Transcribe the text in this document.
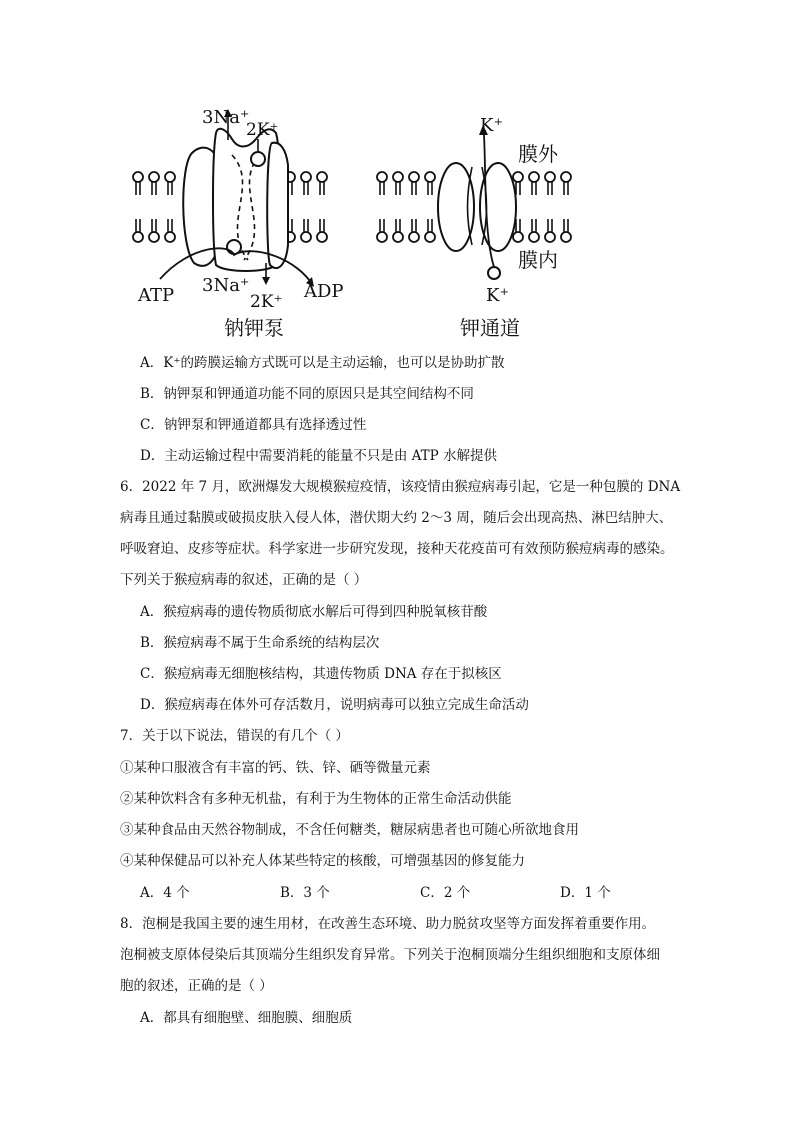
3Na⁺
2K⁺
3Na⁺
2K⁺
ATP	ADP
钠钾泵
K⁺
K⁺
膜外
膜内
钾通道
A．K⁺的跨膜运输方式既可以是主动运输，也可以是协助扩散
B．钠钾泵和钾通道功能不同的原因只是其空间结构不同
C．钠钾泵和钾通道都具有选择透过性
D．主动运输过程中需要消耗的能量不只是由 ATP 水解提供
6．2022 年 7 月，欧洲爆发大规模猴痘疫情，该疫情由猴痘病毒引起，它是一种包膜的 DNA
病毒且通过黏膜或破损皮肤入侵人体，潜伏期大约 2～3 周，随后会出现高热、淋巴结肿大、
呼吸窘迫、皮疹等症状。科学家进一步研究发现，接种天花疫苗可有效预防猴痘病毒的感染。
下列关于猴痘病毒的叙述，正确的是（ ）
A．猴痘病毒的遗传物质彻底水解后可得到四种脱氧核苷酸
B．猴痘病毒不属于生命系统的结构层次
C．猴痘病毒无细胞核结构，其遗传物质 DNA 存在于拟核区
D．猴痘病毒在体外可存活数月，说明病毒可以独立完成生命活动
7．关于以下说法，错误的有几个（ ）
①某种口服液含有丰富的钙、铁、锌、硒等微量元素
②某种饮料含有多种无机盐，有利于为生物体的正常生命活动供能
③某种食品由天然谷物制成，不含任何糖类，糖尿病患者也可随心所欲地食用
④某种保健品可以补充人体某些特定的核酸，可增强基因的修复能力
A．4 个	B．3 个	C．2 个	D．1 个
8．泡桐是我国主要的速生用材，在改善生态环境、助力脱贫攻坚等方面发挥着重要作用。
泡桐被支原体侵染后其顶端分生组织发育异常。下列关于泡桐顶端分生组织细胞和支原体细
胞的叙述，正确的是（ ）
A．都具有细胞壁、细胞膜、细胞质
